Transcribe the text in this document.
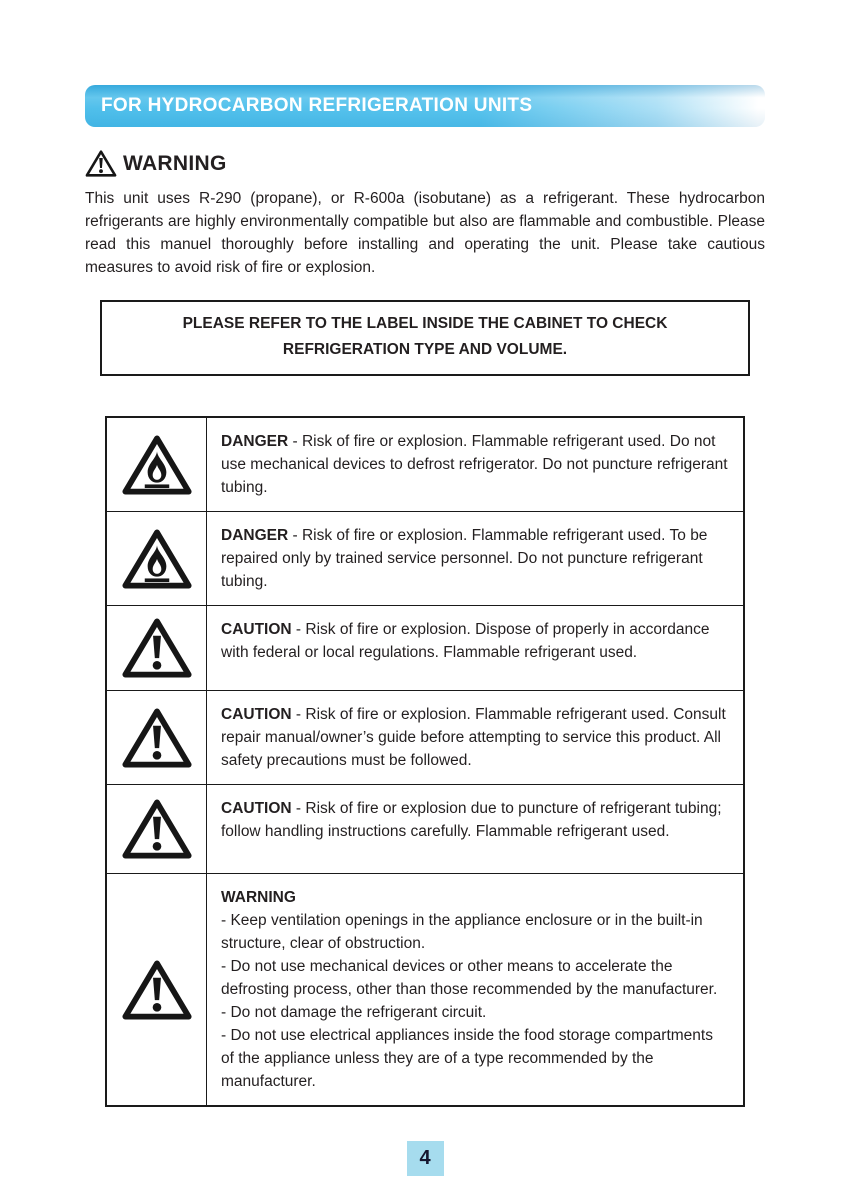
FOR HYDROCARBON REFRIGERATION UNITS
WARNING

This unit uses R-290 (propane), or R-600a (isobutane) as a refrigerant. These hydrocarbon refrigerants are highly environmentally compatible but also are flammable and combustible. Please read this manuel thoroughly before installing and operating the unit. Please take cautious measures to avoid risk of fire or explosion.

PLEASE REFER TO THE LABEL INSIDE THE CABINET TO CHECK REFRIGERATION TYPE AND VOLUME.
DANGER - Risk of fire or explosion. Flammable refrigerant used. Do not use mechanical devices to defrost refrigerator. Do not puncture refrigerant tubing.
DANGER - Risk of fire or explosion. Flammable refrigerant used. To be repaired only by trained service personnel. Do not puncture refrigerant tubing.
CAUTION - Risk of fire or explosion. Dispose of properly in accordance with federal or local regulations. Flammable refrigerant used.
CAUTION - Risk of fire or explosion. Flammable refrigerant used. Consult repair manual/owner’s guide before attempting to service this product. All safety precautions must be followed.
CAUTION - Risk of fire or explosion due to puncture of refrigerant tubing; follow handling instructions carefully. Flammable refrigerant used.
WARNING
- Keep ventilation openings in the appliance enclosure or in the built-in structure, clear of obstruction.
- Do not use mechanical devices or other means to accelerate the defrosting process, other than those recommended by the manufacturer.
- Do not damage the refrigerant circuit.
- Do not use electrical appliances inside the food storage compartments of the appliance unless they are of a type recommended by the manufacturer.
4
